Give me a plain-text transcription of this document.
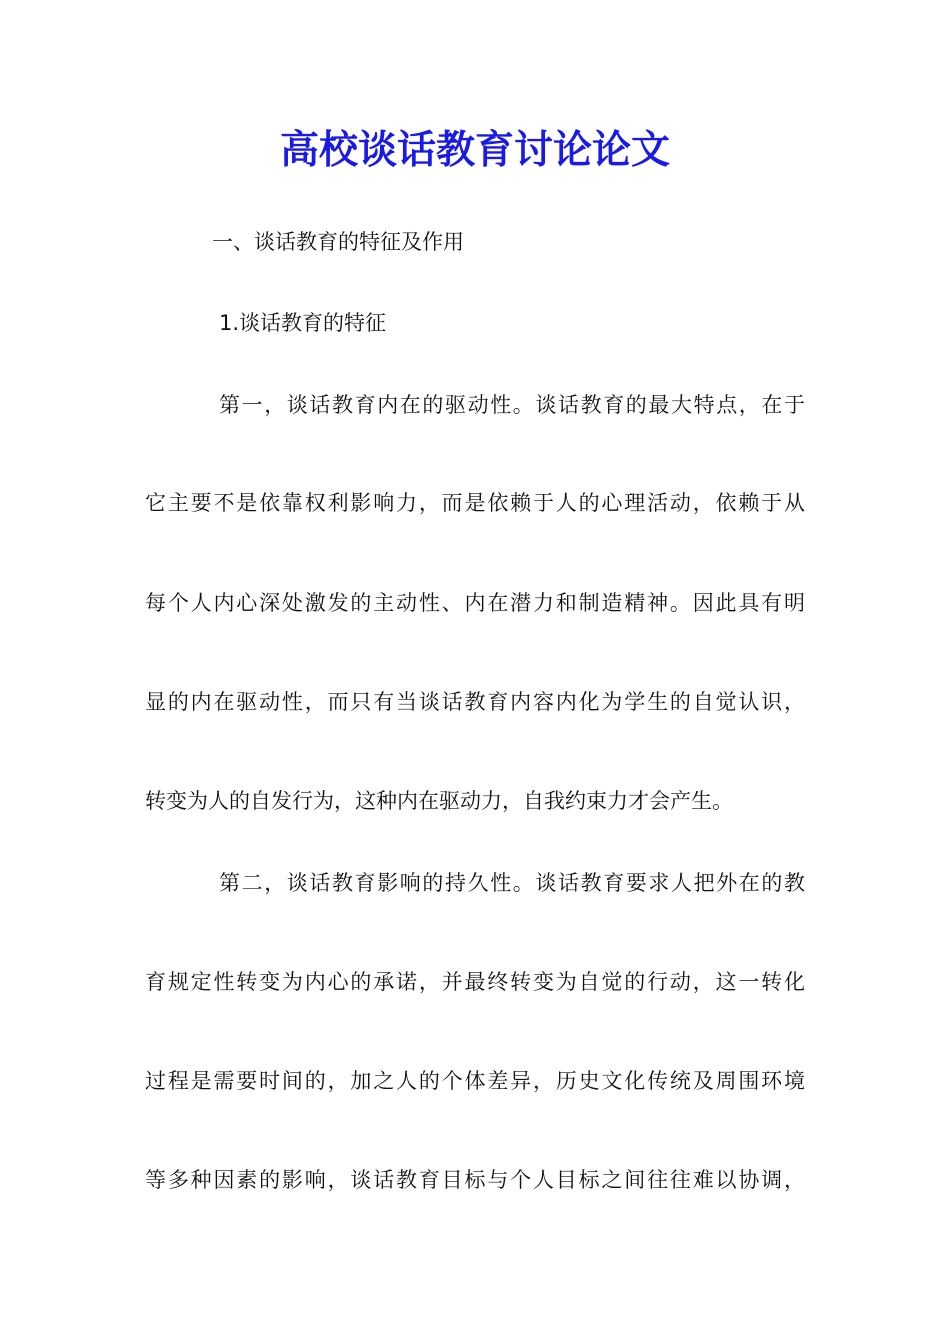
高校谈话教育讨论论文
一、谈话教育的特征及作用
1.谈话教育的特征
第一，谈话教育内在的驱动性。谈话教育的最大特点，在于
它主要不是依靠权利影响力，而是依赖于人的心理活动，依赖于从
每个人内心深处激发的主动性、内在潜力和制造精神。因此具有明
显的内在驱动性，而只有当谈话教育内容内化为学生的自觉认识，
转变为人的自发行为，这种内在驱动力，自我约束力才会产生。
第二，谈话教育影响的持久性。谈话教育要求人把外在的教
育规定性转变为内心的承诺，并最终转变为自觉的行动，这一转化
过程是需要时间的，加之人的个体差异，历史文化传统及周围环境
等多种因素的影响，谈话教育目标与个人目标之间往往难以协调，
